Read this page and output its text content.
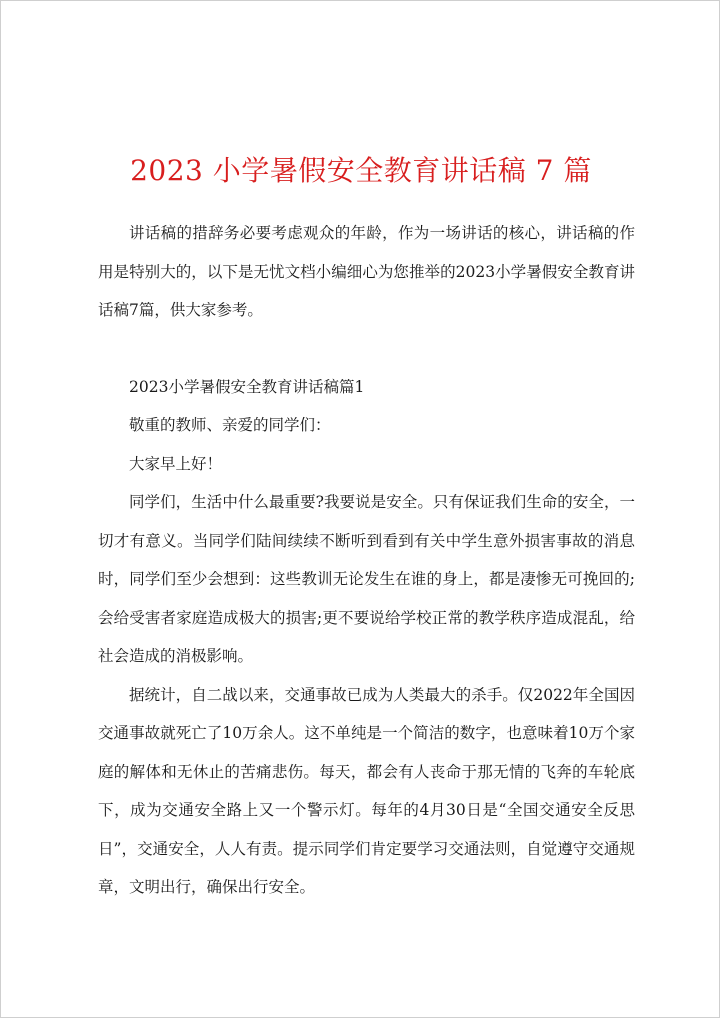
2023 小学暑假安全教育讲话稿 7 篇

讲话稿的措辞务必要考虑观众的年龄，作为一场讲话的核心，讲话稿的作用是特别大的，以下是无忧文档小编细心为您推举的2023小学暑假安全教育讲话稿7篇，供大家参考。

2023小学暑假安全教育讲话稿篇1

敬重的教师、亲爱的同学们：

大家早上好！

同学们，生活中什么最重要?我要说是安全。只有保证我们生命的安全，一切才有意义。当同学们陆间续续不断听到看到有关中学生意外损害事故的消息时，同学们至少会想到：这些教训无论发生在谁的身上，都是凄惨无可挽回的;会给受害者家庭造成极大的损害;更不要说给学校正常的教学秩序造成混乱，给社会造成的消极影响。

据统计，自二战以来，交通事故已成为人类最大的杀手。仅2022年全国因交通事故就死亡了10万余人。这不单纯是一个简洁的数字，也意味着10万个家庭的解体和无休止的苦痛悲伤。每天，都会有人丧命于那无情的飞奔的车轮底下，成为交通安全路上又一个警示灯。每年的4月30日是“全国交通安全反思日”，交通安全，人人有责。提示同学们肯定要学习交通法则，自觉遵守交通规章，文明出行，确保出行安全。
